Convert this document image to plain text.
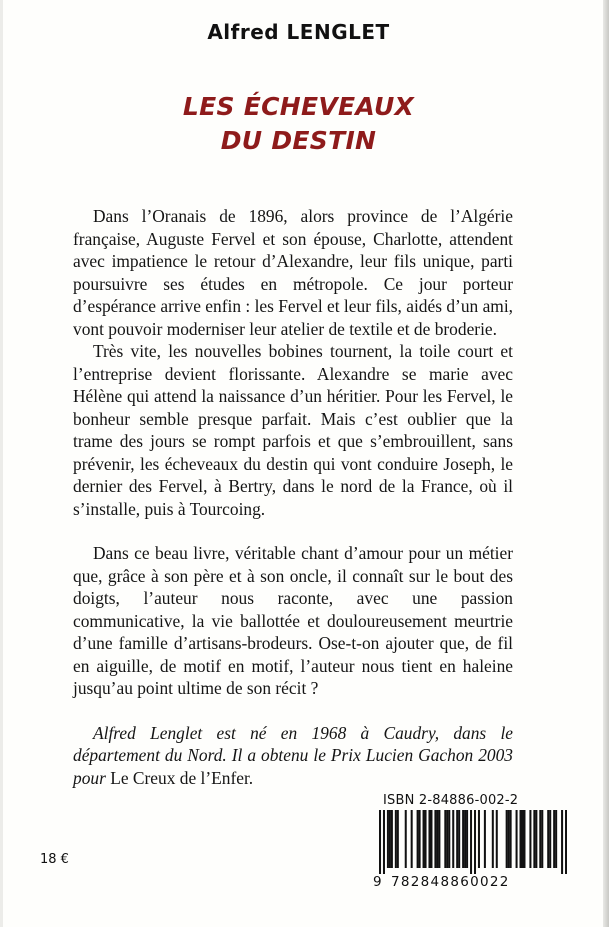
Alfred LENGLET
LES ÉCHEVEAUX
DU DESTIN

Dans l’Oranais de 1896, alors province de l’Algérie française, Auguste Fervel et son épouse, Charlotte, attendent avec impatience le retour d’Alexandre, leur fils unique, parti poursuivre ses études en métropole. Ce jour porteur d’espérance arrive enfin : les Fervel et leur fils, aidés d’un ami, vont pouvoir moderniser leur atelier de textile et de broderie.

Très vite, les nouvelles bobines tournent, la toile court et l’entreprise devient florissante. Alexandre se marie avec Hélène qui attend la naissance d’un héritier. Pour les Fervel, le bonheur semble presque parfait. Mais c’est oublier que la trame des jours se rompt parfois et que s’embrouillent, sans prévenir, les écheveaux du destin qui vont conduire Joseph, le dernier des Fervel, à Bertry, dans le nord de la France, où il s’installe, puis à Tourcoing.

Dans ce beau livre, véritable chant d’amour pour un métier que, grâce à son père et à son oncle, il connaît sur le bout des doigts, l’auteur nous raconte, avec une passion communicative, la vie ballottée et douloureusement meurtrie d’une famille d’artisans-brodeurs. Ose-t-on ajouter que, de fil en aiguille, de motif en motif, l’auteur nous tient en haleine jusqu’au point ultime de son récit ?

Alfred Lenglet est né en 1968 à Caudry, dans le département du Nord. Il a obtenu le Prix Lucien Gachon 2003 pour Le Creux de l’Enfer.

18 €
ISBN 2-84886-002-2
9 782848860022
